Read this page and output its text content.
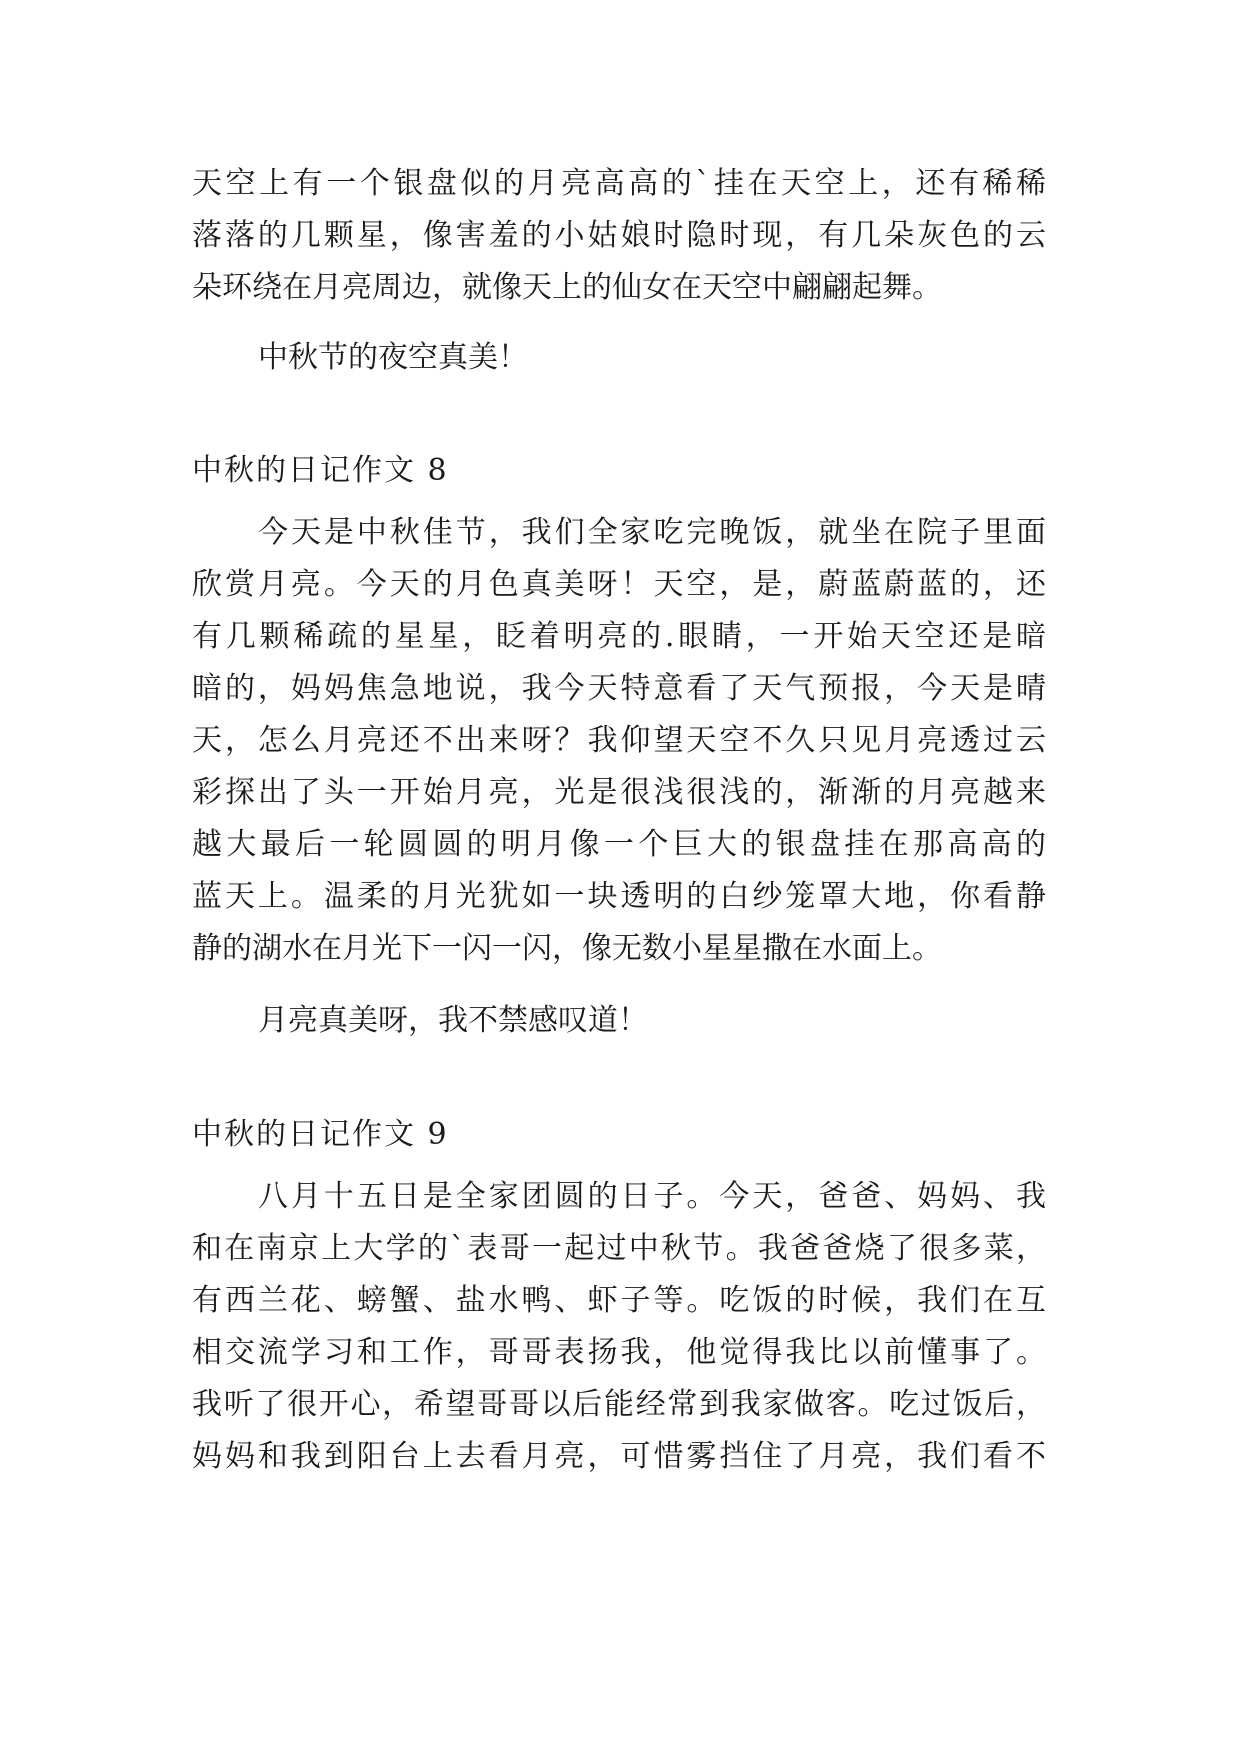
天空上有一个银盘似的月亮高高的`挂在天空上，还有稀稀

落落的几颗星，像害羞的小姑娘时隐时现，有几朵灰色的云

朵环绕在月亮周边，就像天上的仙女在天空中翩翩起舞。

中秋节的夜空真美！

中秋的日记作文 8

今天是中秋佳节，我们全家吃完晚饭，就坐在院子里面

欣赏月亮。今天的月色真美呀！天空，是，蔚蓝蔚蓝的，还

有几颗稀疏的星星，眨着明亮的.眼睛，一开始天空还是暗

暗的，妈妈焦急地说，我今天特意看了天气预报，今天是晴

天，怎么月亮还不出来呀？我仰望天空不久只见月亮透过云

彩探出了头一开始月亮，光是很浅很浅的，渐渐的月亮越来

越大最后一轮圆圆的明月像一个巨大的银盘挂在那高高的

蓝天上。温柔的月光犹如一块透明的白纱笼罩大地，你看静

静的湖水在月光下一闪一闪，像无数小星星撒在水面上。

月亮真美呀，我不禁感叹道！

中秋的日记作文 9

八月十五日是全家团圆的日子。今天，爸爸、妈妈、我

和在南京上大学的`表哥一起过中秋节。我爸爸烧了很多菜，

有西兰花、螃蟹、盐水鸭、虾子等。吃饭的时候，我们在互

相交流学习和工作，哥哥表扬我，他觉得我比以前懂事了。

我听了很开心，希望哥哥以后能经常到我家做客。吃过饭后，

妈妈和我到阳台上去看月亮，可惜雾挡住了月亮，我们看不
